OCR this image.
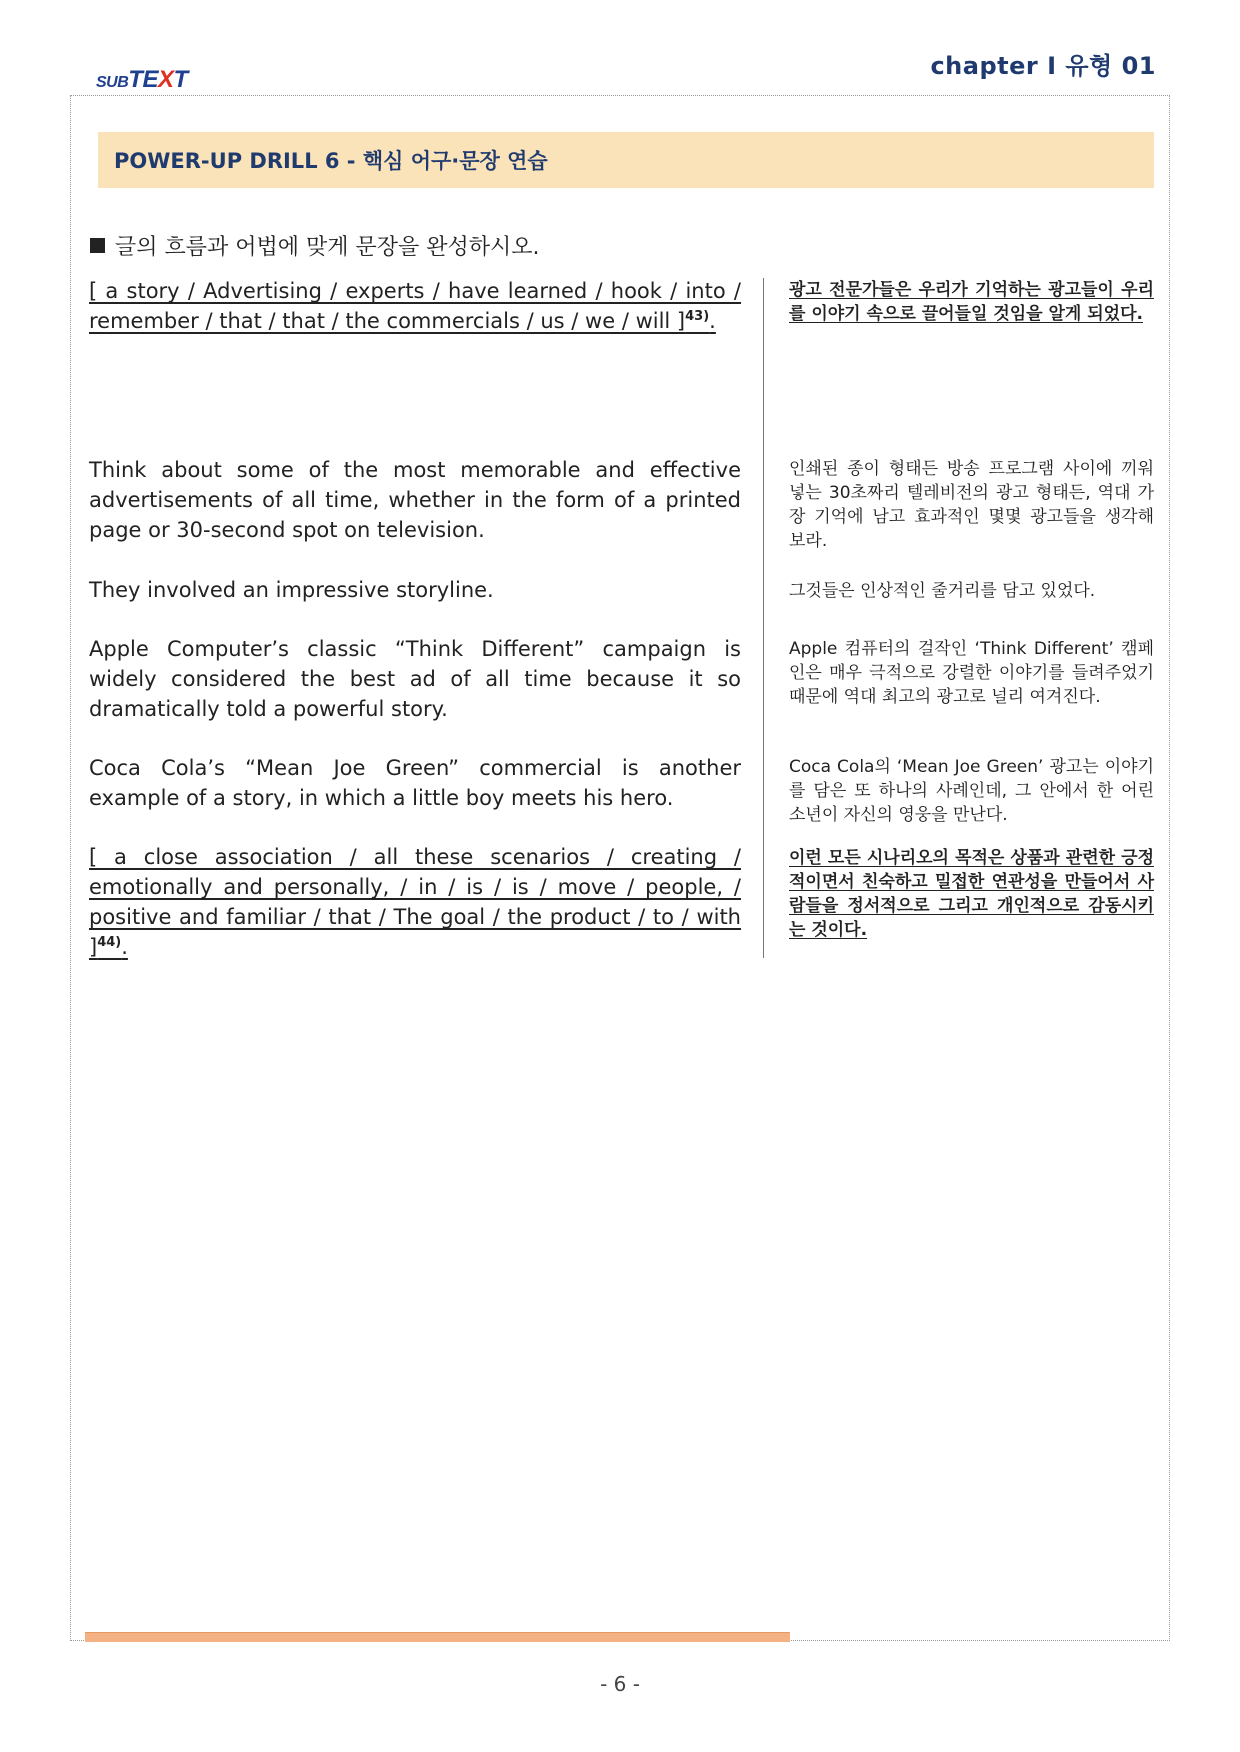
SUBTEXT	chapter Ⅰ 유형 01
POWER-UP DRILL 6 - 핵심 어구·문장 연습
글의 흐름과 어법에 맞게 문장을 완성하시오.
[ a story / Advertising / experts / have learned / hook / into / remember / that / that / the commercials / us / we / will ]$^{43)}$.
광고 전문가들은 우리가 기억하는 광고들이 우리를 이야기 속으로 끌어들일 것임을 알게 되었다.
Think about some of the most memorable and effective advertisements of all time, whether in the form of a printed page or 30-second spot on television.
인쇄된 종이 형태든 방송 프로그램 사이에 끼워 넣는 30초짜리 텔레비전의 광고 형태든, 역대 가장 기억에 남고 효과적인 몇몇 광고들을 생각해 보라.
They involved an impressive storyline.	그것들은 인상적인 줄거리를 담고 있었다.
Apple Computer’s classic “Think Different” campaign is widely considered the best ad of all time because it so dramatically told a powerful story.
Apple 컴퓨터의 걸작인 ‘Think Different’ 캠페인은 매우 극적으로 강렬한 이야기를 들려주었기 때문에 역대 최고의 광고로 널리 여겨진다.
Coca Cola’s “Mean Joe Green” commercial is another example of a story, in which a little boy meets his hero.
Coca Cola의 ‘Mean Joe Green’ 광고는 이야기를 담은 또 하나의 사례인데, 그 안에서 한 어린 소년이 자신의 영웅을 만난다.
[ a close association / all these scenarios / creating / emotionally and personally, / in / is / is / move / people, / positive and familiar / that / The goal / the product / to / with ]$^{44)}$.
이런 모든 시나리오의 목적은 상품과 관련한 긍정적이면서 친숙하고 밀접한 연관성을 만들어서 사람들을 정서적으로 그리고 개인적으로 감동시키는 것이다.
- 6 -
